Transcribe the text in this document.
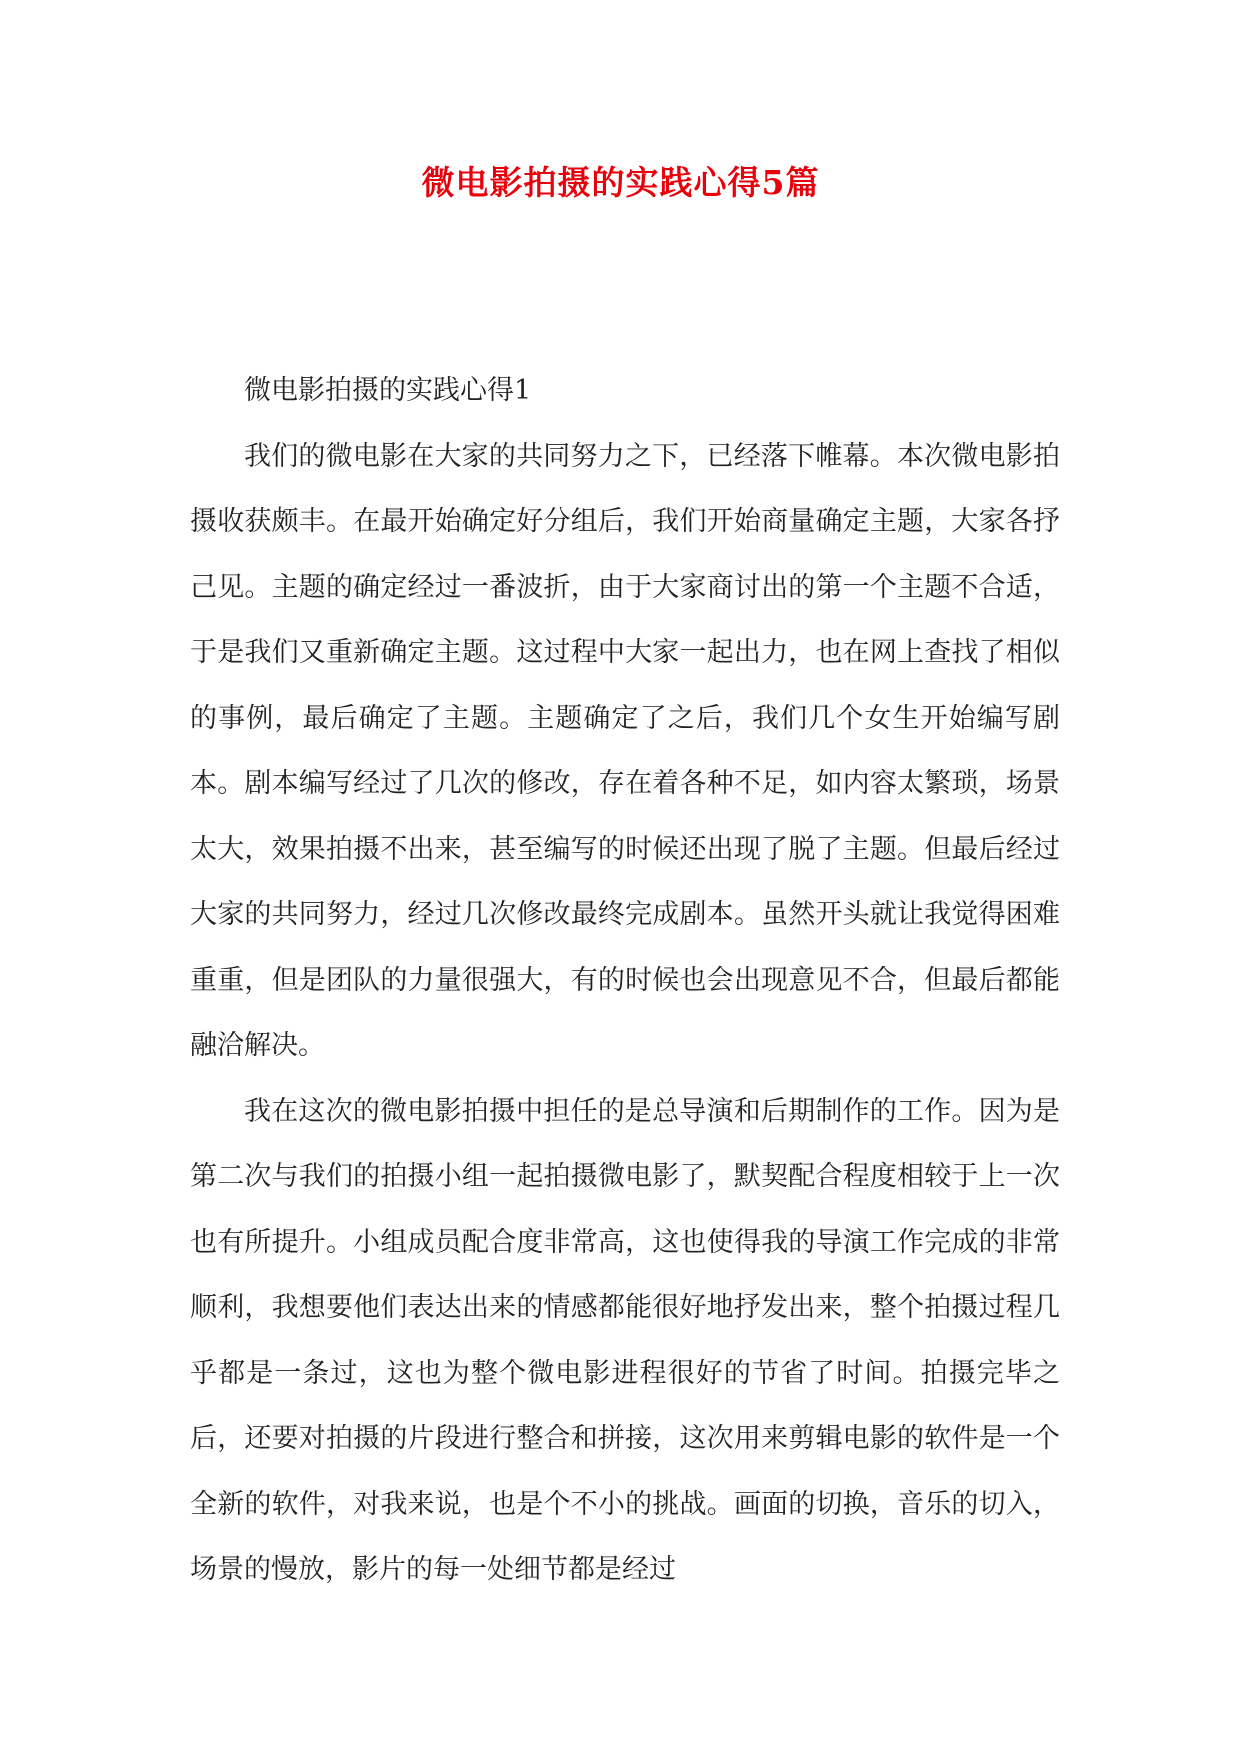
微电影拍摄的实践心得5篇

微电影拍摄的实践心得1

我们的微电影在大家的共同努力之下，已经落下帷幕。本次微电影拍摄收获颇丰。在最开始确定好分组后，我们开始商量确定主题，大家各抒己见。主题的确定经过一番波折，由于大家商讨出的第一个主题不合适，于是我们又重新确定主题。这过程中大家一起出力，也在网上查找了相似的事例，最后确定了主题。主题确定了之后，我们几个女生开始编写剧本。剧本编写经过了几次的修改，存在着各种不足，如内容太繁琐，场景太大，效果拍摄不出来，甚至编写的时候还出现了脱了主题。但最后经过大家的共同努力，经过几次修改最终完成剧本。虽然开头就让我觉得困难重重，但是团队的力量很强大，有的时候也会出现意见不合，但最后都能融洽解决。

我在这次的微电影拍摄中担任的是总导演和后期制作的工作。因为是第二次与我们的拍摄小组一起拍摄微电影了，默契配合程度相较于上一次也有所提升。小组成员配合度非常高，这也使得我的导演工作完成的非常顺利，我想要他们表达出来的情感都能很好地抒发出来，整个拍摄过程几乎都是一条过，这也为整个微电影进程很好的节省了时间。拍摄完毕之后，还要对拍摄的片段进行整合和拼接，这次用来剪辑电影的软件是一个全新的软件，对我来说，也是个不小的挑战。画面的切换，音乐的切入，场景的慢放，影片的每一处细节都是经过
